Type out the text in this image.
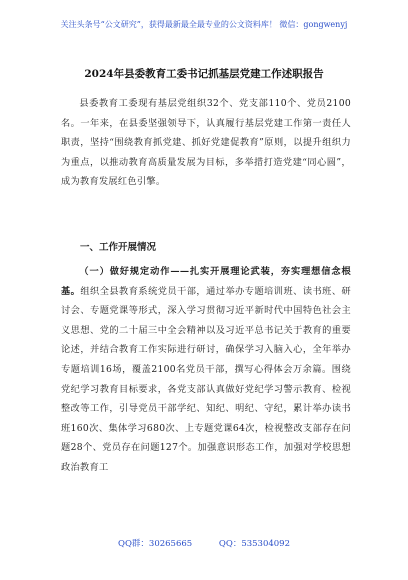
关注头条号“公文研究”，获得最新最全最专业的公文资料库！ 微信：gongwenyj
2024年县委教育工委书记抓基层党建工作述职报告
县委教育工委现有基层党组织32个、党支部110个、党员2100名。一年来，在县委坚强领导下，认真履行基层党建工作第一责任人职责，坚持“围绕教育抓党建、抓好党建促教育”原则，以提升组织力为重点，以推动教育高质量发展为目标，多举措打造党建“同心圆”，成为教育发展红色引擎。
一、工作开展情况
（一）做好规定动作——扎实开展理论武装，夯实理想信念根基。组织全县教育系统党员干部，通过举办专题培训班、读书班、研讨会、专题党课等形式，深入学习贯彻习近平新时代中国特色社会主义思想、党的二十届三中全会精神以及习近平总书记关于教育的重要论述，并结合教育工作实际进行研讨，确保学习入脑入心，全年举办专题培训16场，覆盖2100名党员干部，撰写心得体会万余篇。围绕党纪学习教育目标要求，各党支部认真做好党纪学习警示教育、检视整改等工作，引导党员干部学纪、知纪、明纪、守纪，累计举办读书班160次、集体学习680次、上专题党课64次，检视整改支部存在问题28个、党员存在问题127个。加强意识形态工作，加强对学校思想政治教育工
QQ群：30265665	QQ：535304092
